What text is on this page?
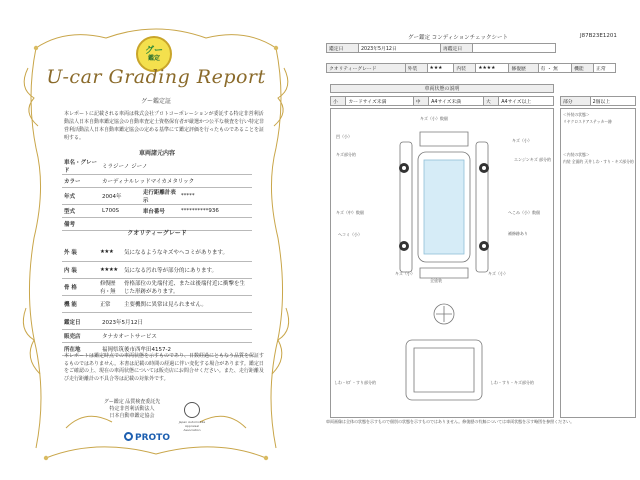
グー
鑑定
U-car Grading Report
グー鑑定証
本レポートに記載される車両は株式会社プロトコーポレーションが委託する特定非営利活動法人日本自動車鑑定協会の自動車査定士資格保有者が厳選かつ公平な検査を行い特定非営利活動法人日本自動車鑑定協会の定める基準にて鑑定評価を行ったものであることを証明する。
車両諸元内容
車名・グレード	ミラジーノ ジーノ		
カラー	カーディナルレッドマイカメタリック		
年式	2004年	走行距離計表示	*****
型式	L700S	車台番号	**********936
備考			
クオリティーグレード
外 装	★★★	気になるようなキズやヘコミがあります。
内 装	★★★★	気になる汚れ等が部分的にあります。
骨 格	修復歴 有・無	骨格部位の先端付近、または後端付近に衝撃を生じた形跡があります。
機 能	正常	主要機関に異常は見られません。
鑑定日	2023年5月12日
販売店	タナカオートサービス
所在地	福岡県筑後市西牟田4157-2
本レポートは鑑定時点での車両状態を示すものであり、日数経過にともなう品質を保証するものではありません。本書は記載の時間の経過に伴い変化する場合があります。鑑定日をご確認の上、現在の車両状態については販売店にお問合せください。また、走行距離及び走行距離計の不具合等は記載の対象外です。
グー鑑定 品質検査委託先
特定非営利活動法人
日本自動車鑑定協会
Japan Automobile Appraisal Association
PROTO
グー鑑定 コンディションチェックシート	J87B23E1201
鑑定日	2023年5月12日	再鑑定日	
クオリティーグレード	外装	★★★	内装	★★★★	修復歴	有 ・ 無	機能	正常
車両状態の説明
小	カードサイズ未満	中	A4サイズ未満	大	A4サイズ以上	部分	2個以上
キズ（小）数個
凹（小）
キズ（小）
キズ部分的
エンジンキズ 部分的
キズ（中）数個	へこみ（小）数個
ヘコミ（小）	補修跡あり
キズ（小）	キズ（小）
全塗装
しわ・ｷｽﾞ・すり部分的	しわ・すり・キズ部分的
＜外装の状態＞
リヤクロスドアステッカー跡
＜内装の状態＞
内装 全面的 天井しわ・すり・キズ部分的
車両画像は全体の状態を示すもので個別の状態を示すものではありません。修復歴の有無については車両状態を示す略図を参照ください。
